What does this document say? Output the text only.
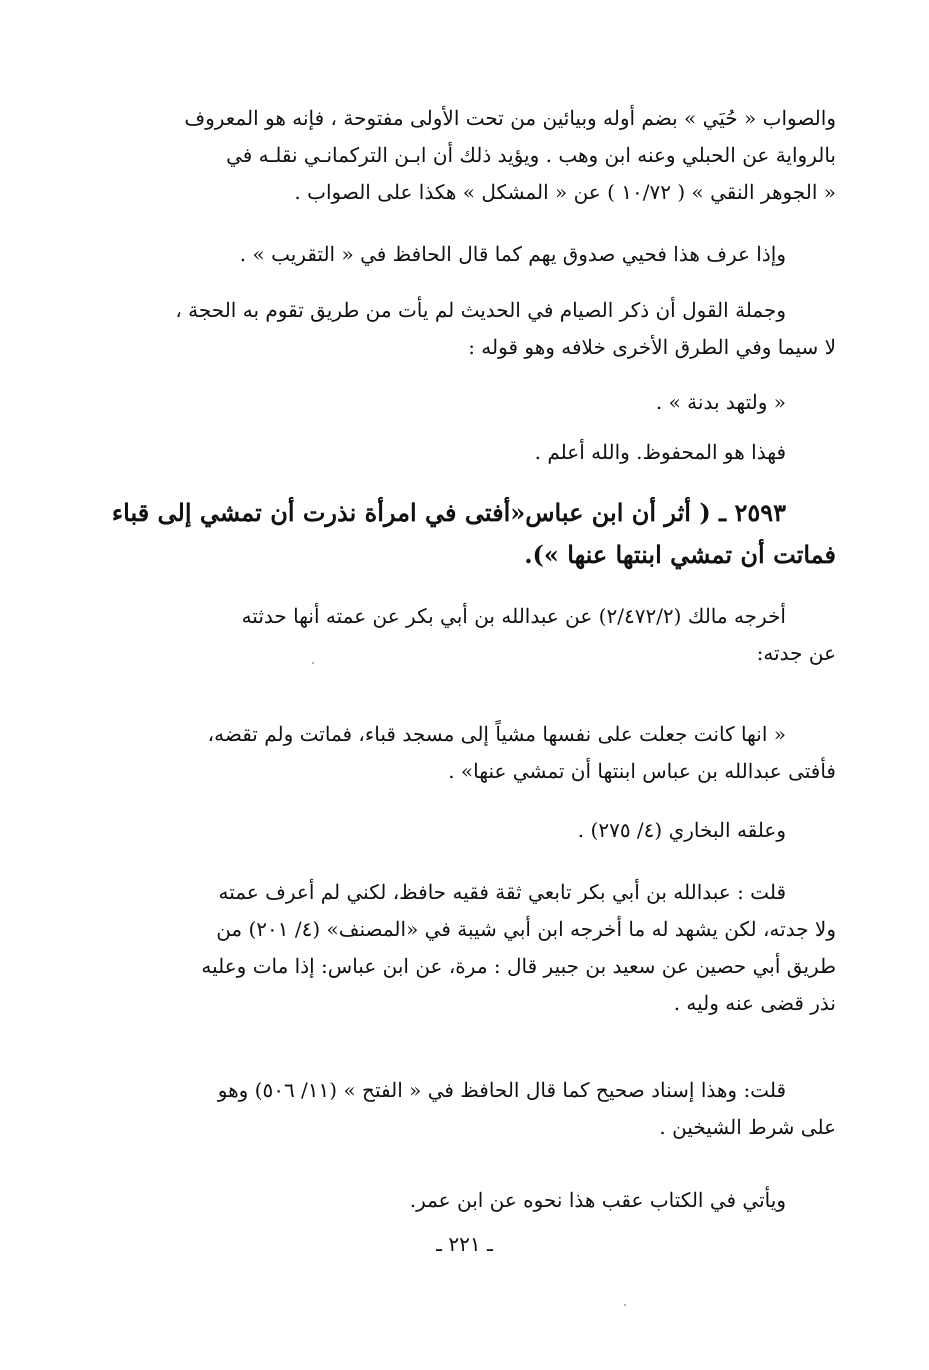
والصواب « حُيَي » بضم أوله وبيائين من تحت الأولى مفتوحة ، فإنه هو المعروف
بالرواية عن الحبلي وعنه ابن وهب . ويؤيد ذلك أن ابـن التركمانـي نقلـه في
« الجوهر النقي » ( ١٠/٧٢ ) عن « المشكل » هكذا على الصواب .

وإذا عرف هذا فحيي صدوق يهم كما قال الحافظ في « التقريب » .

وجملة القول أن ذكر الصيام في الحديث لم يأت من طريق تقوم به الحجة ،
لا سيما وفي الطرق الأخرى خلافه وهو قوله :

« ولتهد بدنة » .

فهذا هو المحفوظ. والله أعلم .

٢٥٩٣ ـ ( أثر أن ابن عباس«أفتى في امرأة نذرت أن تمشي إلى قباء

فماتت أن تمشي ابنتها عنها »).

أخرجه مالك (٢/٤٧٢/٢) عن عبدالله بن أبي بكر عن عمته أنها حدثته
عن جدته:

« انها كانت جعلت على نفسها مشياً إلى مسجد قباء، فماتت ولم تقضه،
فأفتى عبدالله بن عباس ابنتها أن تمشي عنها» .

وعلقه البخاري (٤/ ٢٧٥) .

قلت : عبدالله بن أبي بكر تابعي ثقة فقيه حافظ، لكني لم أعرف عمته
ولا جدته، لكن يشهد له ما أخرجه ابن أبي شيبة في «المصنف» (٤/ ٢٠١) من
طريق أبي حصين عن سعيد بن جبير قال : مرة، عن ابن عباس: إذا مات وعليه
نذر قضى عنه وليه .

قلت: وهذا إسناد صحيح كما قال الحافظ في « الفتح » (١١/ ٥٠٦) وهو
على شرط الشيخين .

ويأتي في الكتاب عقب هذا نحوه عن ابن عمر.

ـ ٢٢١ ـ
